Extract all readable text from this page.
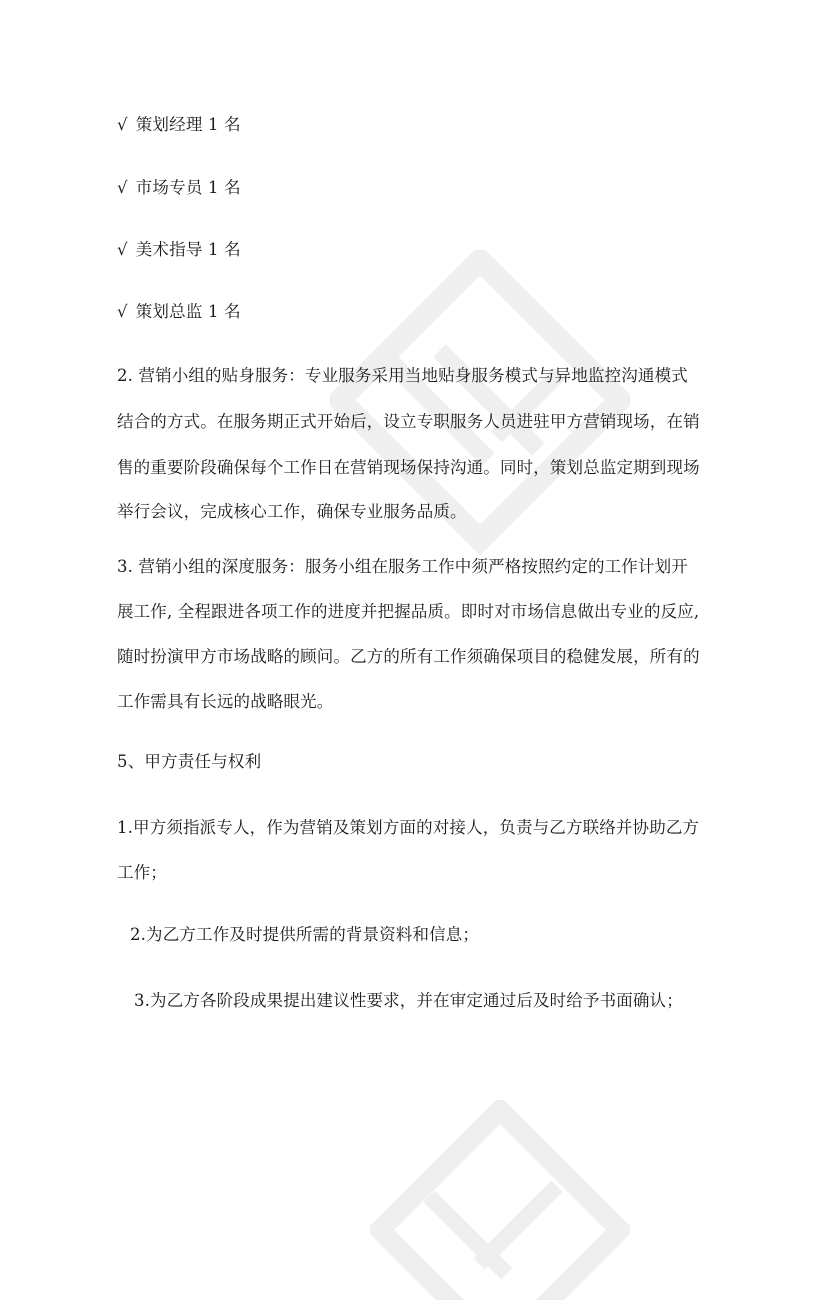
√ 策划经理 1 名
√ 市场专员 1 名
√ 美术指导 1 名
√ 策划总监 1 名
2. 营销小组的贴身服务：专业服务采用当地贴身服务模式与异地监控沟通模式
结合的方式。在服务期正式开始后，设立专职服务人员进驻甲方营销现场，在销
售的重要阶段确保每个工作日在营销现场保持沟通。同时，策划总监定期到现场
举行会议，完成核心工作，确保专业服务品质。
3. 营销小组的深度服务：服务小组在服务工作中须严格按照约定的工作计划开
展工作, 全程跟进各项工作的进度并把握品质。即时对市场信息做出专业的反应,
随时扮演甲方市场战略的顾问。乙方的所有工作须确保项目的稳健发展，所有的
工作需具有长远的战略眼光。
5、甲方责任与权利
1.甲方须指派专人，作为营销及策划方面的对接人，负责与乙方联络并协助乙方
工作；
2.为乙方工作及时提供所需的背景资料和信息；
3.为乙方各阶段成果提出建议性要求，并在审定通过后及时给予书面确认；
